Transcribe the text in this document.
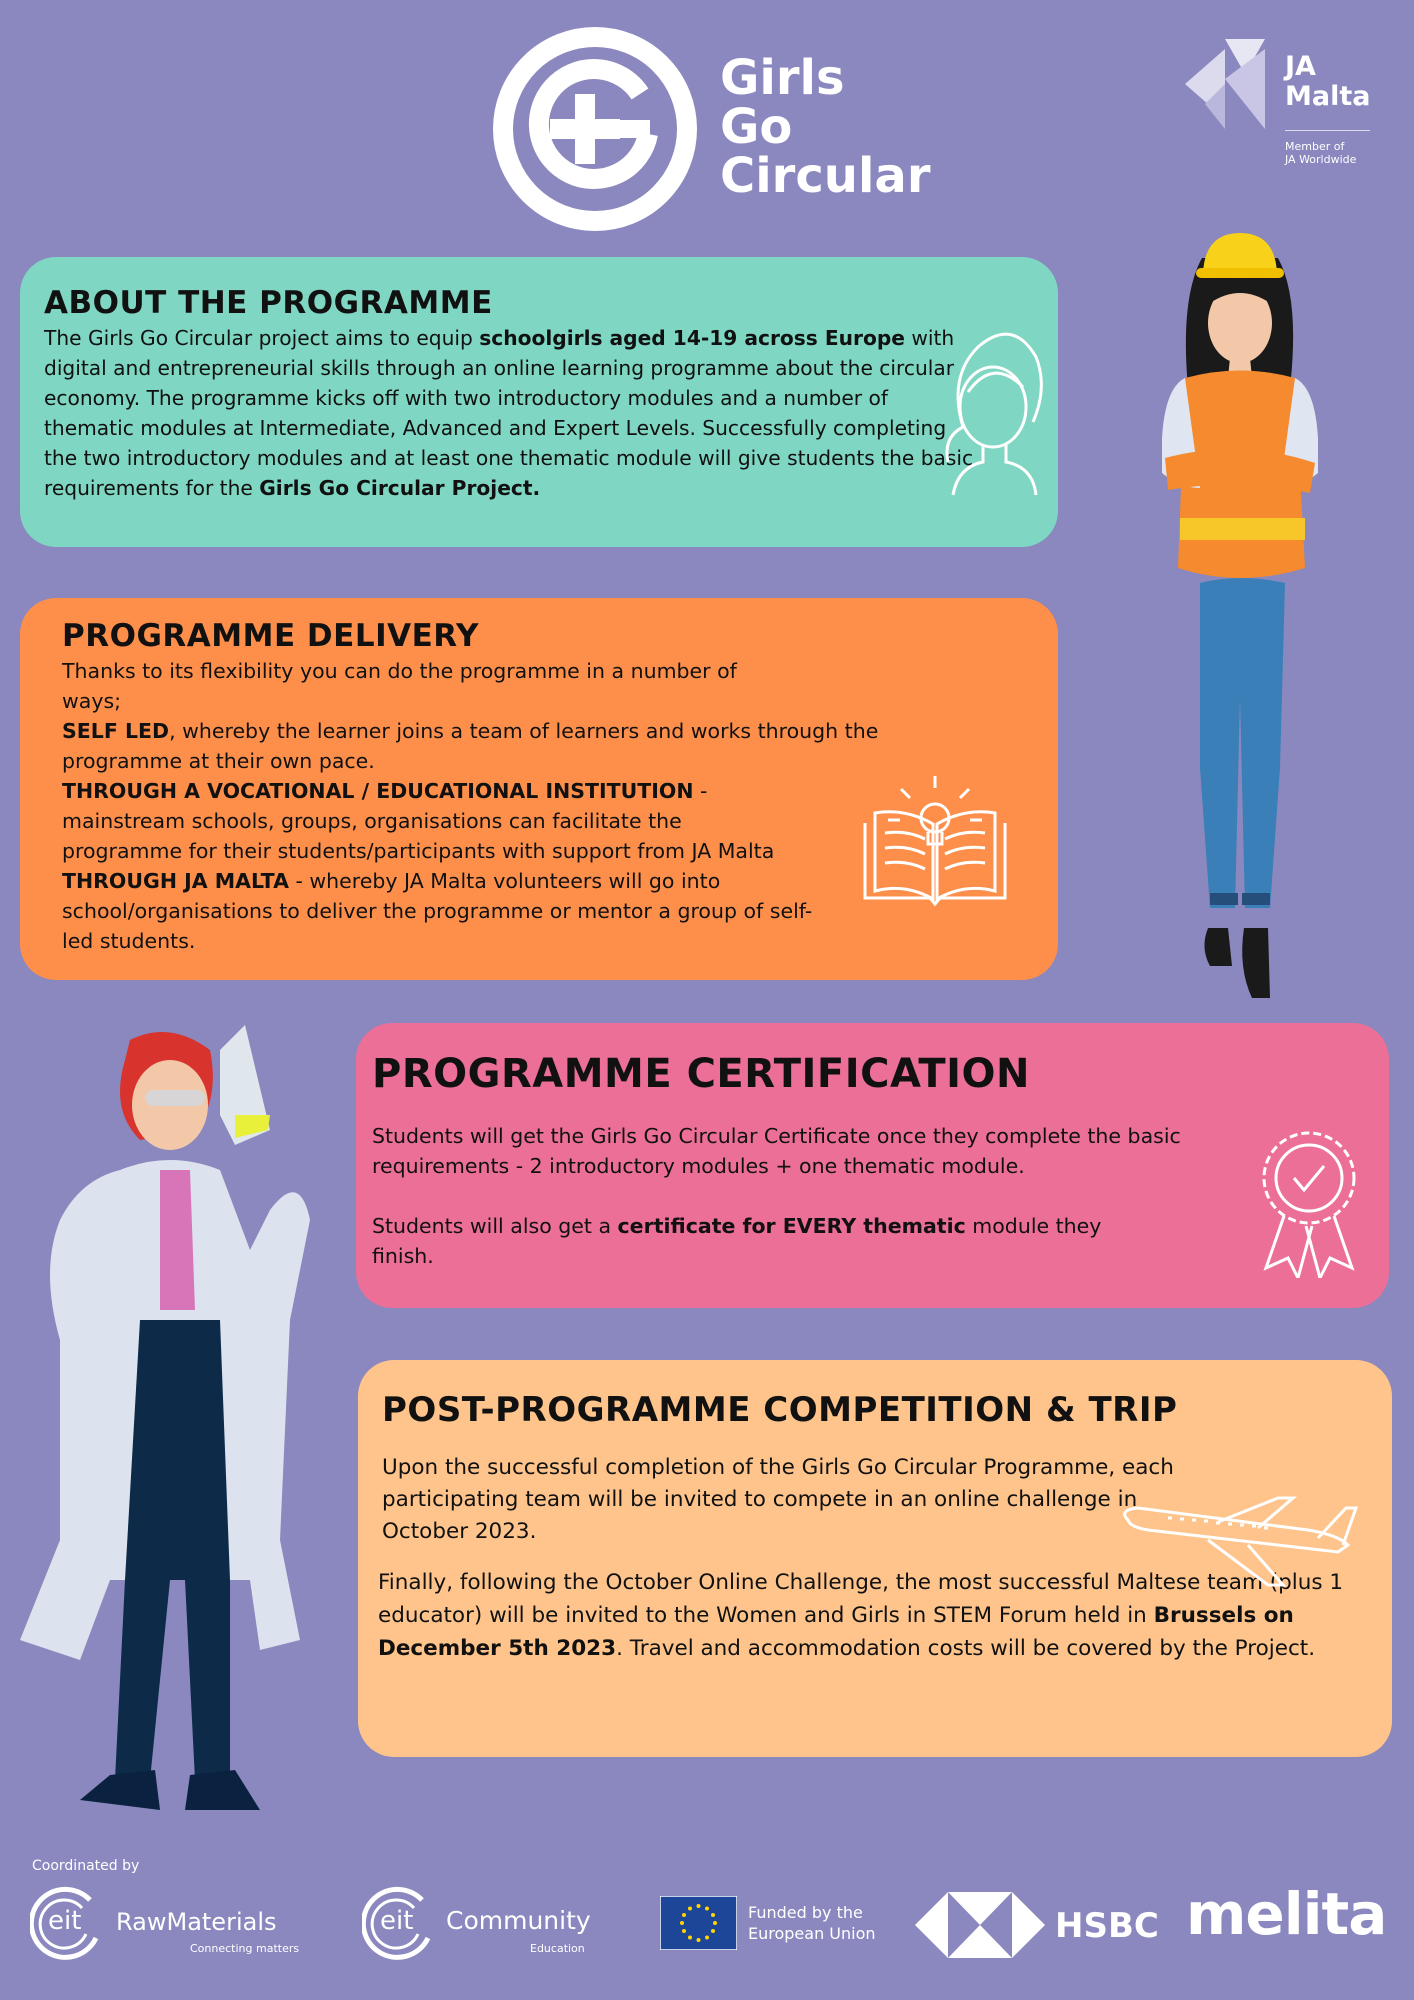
Girls
Go
Circular
JA
Malta
Member of
JA Worldwide
ABOUT THE PROGRAMME

The Girls Go Circular project aims to equip schoolgirls aged 14-19 across Europe with digital and entrepreneurial skills through an online learning programme about the circular economy. The programme kicks off with two introductory modules and a number of thematic modules at Intermediate, Advanced and Expert Levels. Successfully completing the two introductory modules and at least one thematic module will give students the basic requirements for the Girls Go Circular Project.

PROGRAMME DELIVERY

Thanks to its flexibility you can do the programme in a number of ways;

SELF LED, whereby the learner joins a team of learners and works through the programme at their own pace.

THROUGH A VOCATIONAL / EDUCATIONAL INSTITUTION - mainstream schools, groups, organisations can facilitate the programme for their students/participants with support from JA Malta

THROUGH JA MALTA - whereby JA Malta volunteers will go into school/organisations to deliver the programme or mentor a group of self-led students.

PROGRAMME CERTIFICATION

Students will get the Girls Go Circular Certificate once they complete the basic requirements - 2 introductory modules + one thematic module.

Students will also get a certificate for EVERY thematic module they finish.

POST-PROGRAMME COMPETITION & TRIP

Upon the successful completion of the Girls Go Circular Programme, each participating team will be invited to compete in an online challenge in October 2023.

Finally, following the October Online Challenge, the most successful Maltese team (plus 1 educator) will be invited to the Women and Girls in STEM Forum held in Brussels on December 5th 2023. Travel and accommodation costs will be covered by the Project.

Coordinated by
eit RawMaterials
Connecting matters
eit Community
Education
Funded by the
European Union	HSBC melita
